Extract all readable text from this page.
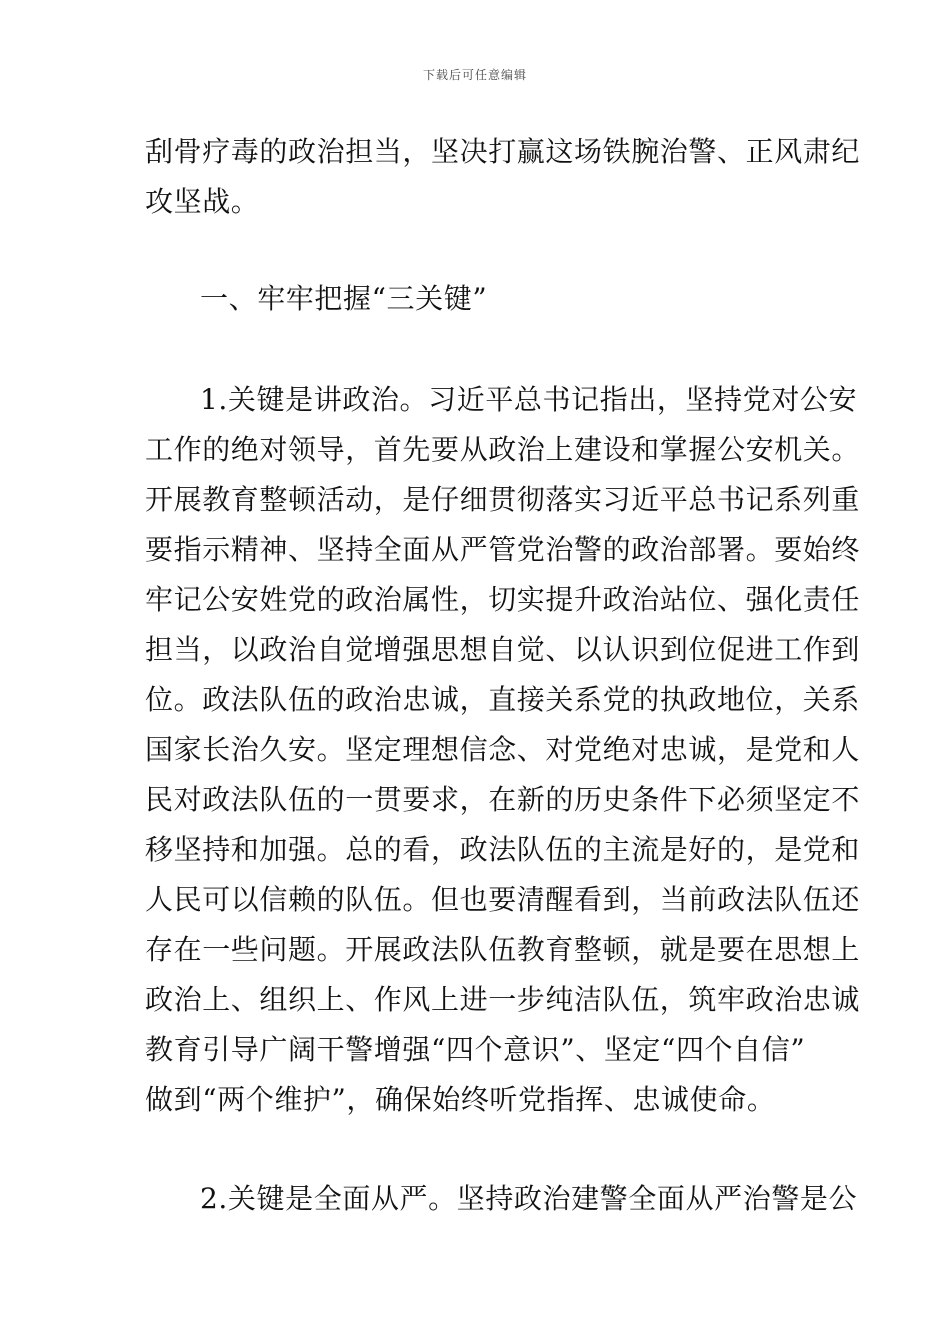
下载后可任意编辑
刮骨疗毒的政治担当，坚决打赢这场铁腕治警、正风肃纪
攻坚战。
一、牢牢把握“三关键”
1.关键是讲政治。习近平总书记指出，坚持党对公安
工作的绝对领导，首先要从政治上建设和掌握公安机关。
开展教育整顿活动，是仔细贯彻落实习近平总书记系列重
要指示精神、坚持全面从严管党治警的政治部署。要始终
牢记公安姓党的政治属性，切实提升政治站位、强化责任
担当，以政治自觉增强思想自觉、以认识到位促进工作到
位。政法队伍的政治忠诚，直接关系党的执政地位，关系
国家长治久安。坚定理想信念、对党绝对忠诚，是党和人
民对政法队伍的一贯要求，在新的历史条件下必须坚定不
移坚持和加强。总的看，政法队伍的主流是好的，是党和
人民可以信赖的队伍。但也要清醒看到，当前政法队伍还
存在一些问题。开展政法队伍教育整顿，就是要在思想上
政治上、组织上、作风上进一步纯洁队伍，筑牢政治忠诚
教育引导广阔干警增强“四个意识”、坚定“四个自信”
做到“两个维护”，确保始终听党指挥、忠诚使命。
2.关键是全面从严。坚持政治建警全面从严治警是公
